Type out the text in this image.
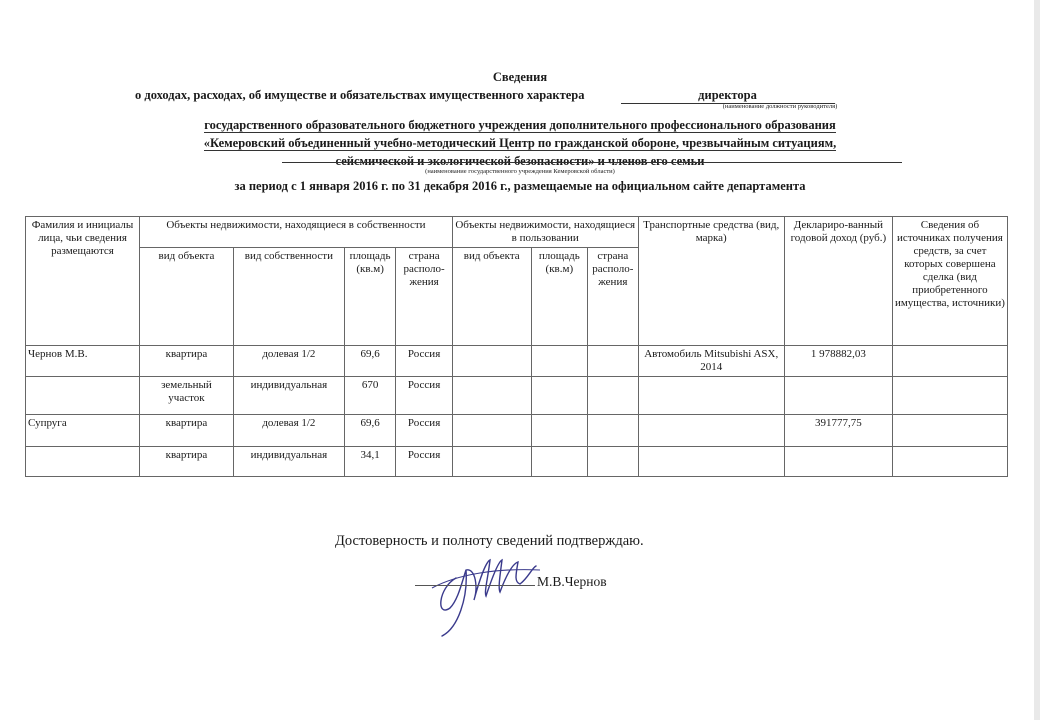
Сведения
о доходах, расходах, об имуществе и обязательствах имущественного характера	директора
(наименование должности руководителя)
государственного образовательного бюджетного учреждения дополнительного профессионального образования
«Кемеровский объединенный учебно-методический Центр по гражданской обороне, чрезвычайным ситуациям,
сейсмической и экологической безопасности» и членов его семьи
(наименование государственного учреждения Кемеровской области)
за период с 1 января 2016 г. по 31 декабря 2016 г., размещаемые на официальном сайте департамента
Фамилия и инициалы лица, чьи сведения размещаются	Объекты недвижимости, находящиеся в собственности				Объекты недвижимости, находящиеся в пользовании			Транспортные средства (вид, марка)	Деклариро-ванный годовой доход (руб.)	Сведения об источниках получения средств, за счет которых совершена сделка (вид приобретенного имущества, источники)
	вид объекта	вид собственности	площадь (кв.м)	страна располо-жения	вид объекта	площадь (кв.м)	страна располо-жения			
Чернов М.В.	квартира	долевая 1/2	69,6	Россия				Автомобиль Mitsubishi ASX, 2014	1 978882,03	
	земельный участок	индивидуальная	670	Россия						
Супруга	квартира	долевая 1/2	69,6	Россия					391777,75	
	квартира	индивидуальная	34,1	Россия						
Достоверность и полноту сведений подтверждаю.
М.В.Чернов
